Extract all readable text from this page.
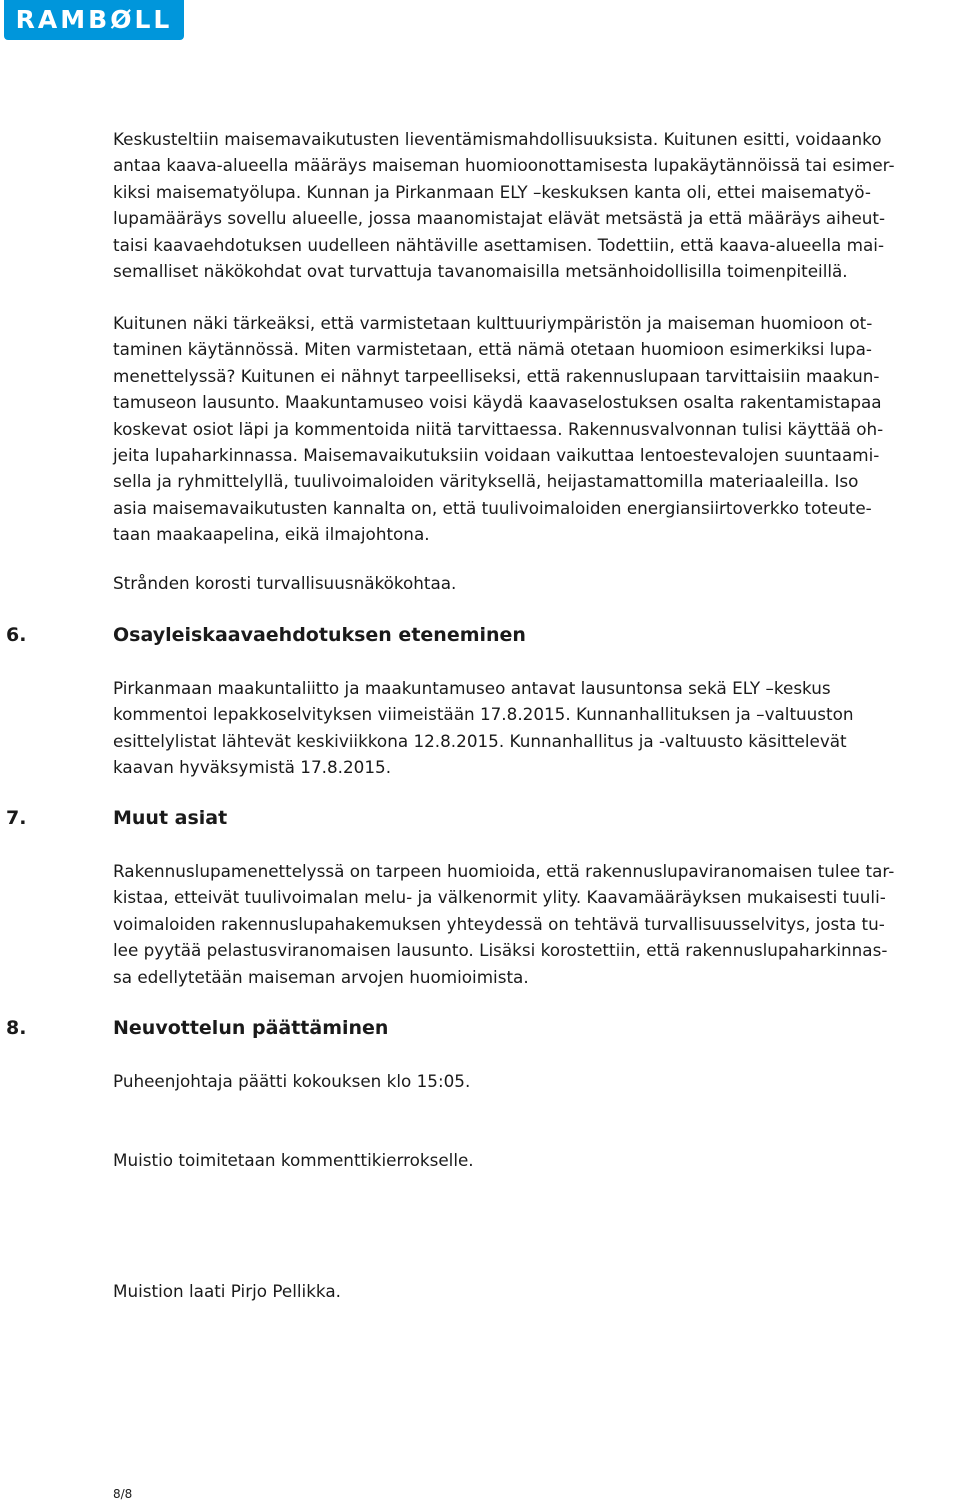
RAMBØLL

Keskusteltiin maisemavaikutusten lieventämismahdollisuuksista. Kuitunen esitti, voidaanko
antaa kaava-alueella määräys maiseman huomioonottamisesta lupakäytännöissä tai esimer-
kiksi maisematyölupa. Kunnan ja Pirkanmaan ELY –keskuksen kanta oli, ettei maisematyö-
lupamääräys sovellu alueelle, jossa maanomistajat elävät metsästä ja että määräys aiheut-
taisi kaavaehdotuksen uudelleen nähtäville asettamisen. Todettiin, että kaava-alueella mai-
semalliset näkökohdat ovat turvattuja tavanomaisilla metsänhoidollisilla toimenpiteillä.

Kuitunen näki tärkeäksi, että varmistetaan kulttuuriympäristön ja maiseman huomioon ot-
taminen käytännössä. Miten varmistetaan, että nämä otetaan huomioon esimerkiksi lupa-
menettelyssä? Kuitunen ei nähnyt tarpeelliseksi, että rakennuslupaan tarvittaisiin maakun-
tamuseon lausunto. Maakuntamuseo voisi käydä kaavaselostuksen osalta rakentamistapaa
koskevat osiot läpi ja kommentoida niitä tarvittaessa. Rakennusvalvonnan tulisi käyttää oh-
jeita lupaharkinnassa. Maisemavaikutuksiin voidaan vaikuttaa lentoestevalojen suuntaami-
sella ja ryhmittelyllä, tuulivoimaloiden värityksellä, heijastamattomilla materiaaleilla. Iso
asia maisemavaikutusten kannalta on, että tuulivoimaloiden energiansiirtoverkko toteute-
taan maakaapelina, eikä ilmajohtona.

Strånden korosti turvallisuusnäkökohtaa.

6.	Osayleiskaavaehdotuksen eteneminen

Pirkanmaan maakuntaliitto ja maakuntamuseo antavat lausuntonsa sekä ELY –keskus
kommentoi lepakkoselvityksen viimeistään 17.8.2015. Kunnanhallituksen ja –valtuuston
esittelylistat lähtevät keskiviikkona 12.8.2015. Kunnanhallitus ja -valtuusto käsittelevät
kaavan hyväksymistä 17.8.2015.

7.	Muut asiat

Rakennuslupamenettelyssä on tarpeen huomioida, että rakennuslupaviranomaisen tulee tar-
kistaa, etteivät tuulivoimalan melu- ja välkenormit ylity. Kaavamääräyksen mukaisesti tuuli-
voimaloiden rakennuslupahakemuksen yhteydessä on tehtävä turvallisuusselvitys, josta tu-
lee pyytää pelastusviranomaisen lausunto. Lisäksi korostettiin, että rakennuslupaharkinnas-
sa edellytetään maiseman arvojen huomioimista.

8.	Neuvottelun päättäminen

Puheenjohtaja päätti kokouksen klo 15:05.

Muistio toimitetaan kommenttikierrokselle.

Muistion laati Pirjo Pellikka.

8/8
